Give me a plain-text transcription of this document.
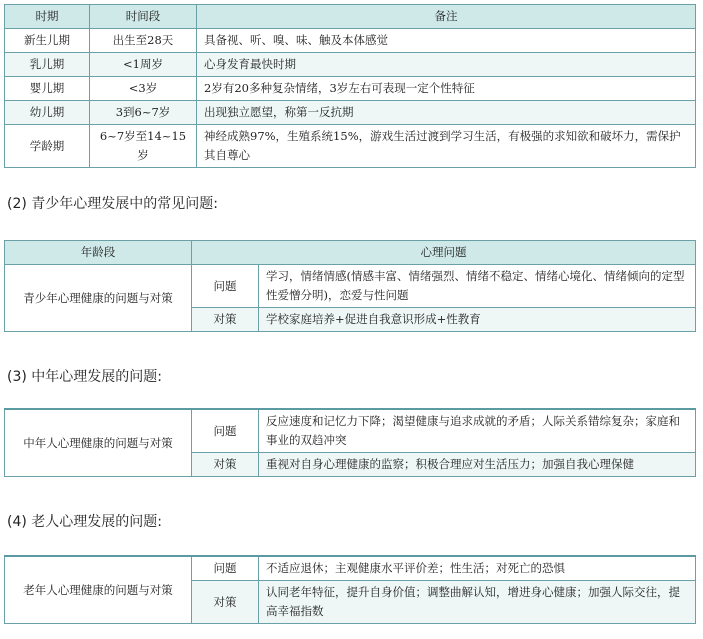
时期	时间段	备注
新生儿期	出生至28天	具备视、听、嗅、味、触及本体感觉
乳儿期	<1周岁	心身发育最快时期
婴儿期	<3岁	2岁有20多种复杂情绪，3岁左右可表现一定个性特征
幼儿期	3到6~7岁	出现独立愿望，称第一反抗期
学龄期	6~7岁至14~15岁	神经成熟97%，生殖系统15%，游戏生活过渡到学习生活，有极强的求知欲和破坏力，需保护其自尊心
(2) 青少年心理发展中的常见问题:
年龄段	心理问题	
青少年心理健康的问题与对策	问题	学习，情绪情感(情感丰富、情绪强烈、情绪不稳定、情绪心境化、情绪倾向的定型性爱憎分明)，恋爱与性问题
	对策	学校家庭培养+促进自我意识形成+性教育
(3) 中年心理发展的问题:
中年人心理健康的问题与对策	问题	反应速度和记忆力下降；渴望健康与追求成就的矛盾；人际关系错综复杂；家庭和事业的双趋冲突
	对策	重视对自身心理健康的监察；积极合理应对生活压力；加强自我心理保健
(4) 老人心理发展的问题:
老年人心理健康的问题与对策	问题	不适应退休；主观健康水平评价差；性生活；对死亡的恐惧
	对策	认同老年特征，提升自身价值；调整曲解认知，增进身心健康；加强人际交往，提高幸福指数
